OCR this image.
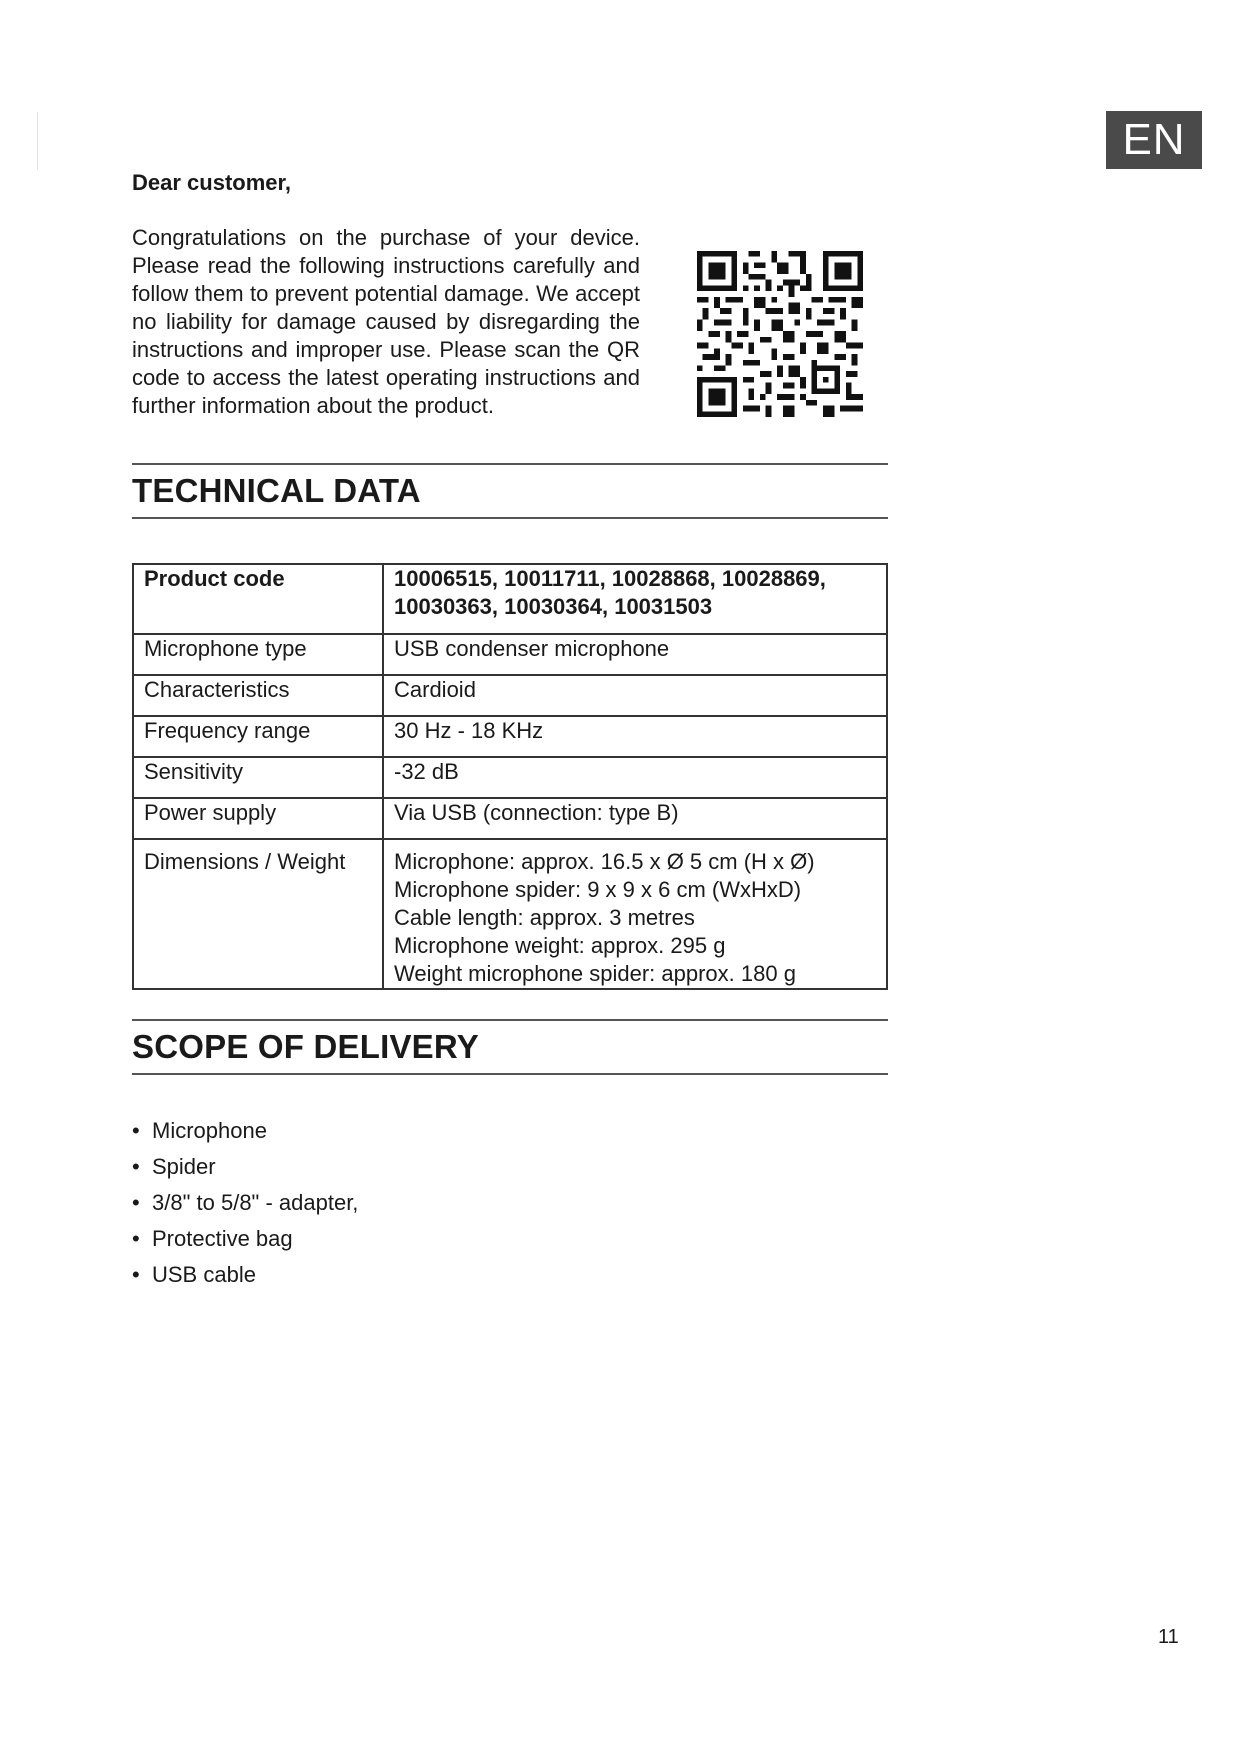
EN
Dear customer,

Congratulations on the purchase of your device. Please read the following instructions carefully and follow them to prevent potential damage. We accept no liability for damage caused by disregarding the instructions and improper use. Please scan the QR code to access the latest operating instructions and further information about the product.

TECHNICAL DATA
Product code	10006515, 10011711, 10028868, 10028869,
10030363, 10030364, 10031503

Microphone type	USB condenser microphone

Characteristics	Cardioid

Frequency range	30 Hz - 18 KHz

Sensitivity	-32 dB

Power supply	Via USB (connection: type B)

Dimensions / Weight	Microphone: approx. 16.5 x Ø 5 cm (H x Ø)
Microphone spider: 9 x 9 x 6 cm (WxHxD)
Cable length: approx. 3 metres
Microphone weight: approx. 295 g
Weight microphone spider: approx. 180 g
SCOPE OF DELIVERY
• Microphone
• Spider
• 3/8" to 5/8" - adapter,
• Protective bag
• USB cable
11
